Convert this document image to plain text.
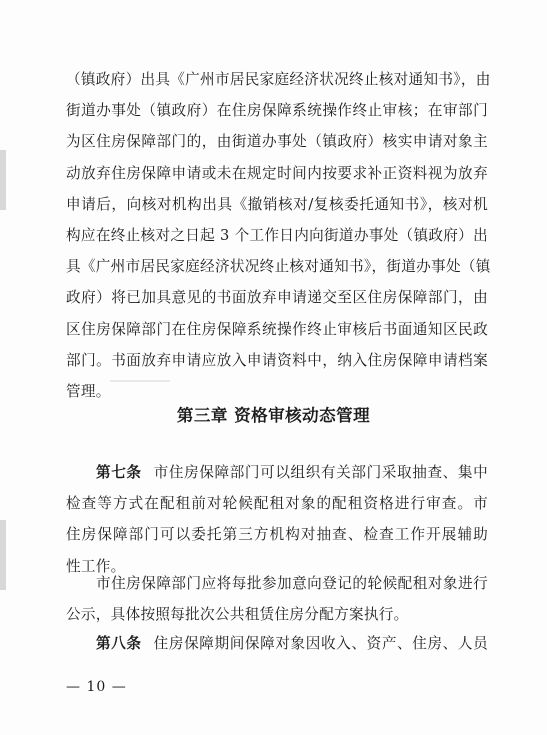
（镇政府）出具《广州市居民家庭经济状况终止核对通知书》，由
街道办事处（镇政府）在住房保障系统操作终止审核；在审部门
为区住房保障部门的，由街道办事处（镇政府）核实申请对象主
动放弃住房保障申请或未在规定时间内按要求补正资料视为放弃
申请后，向核对机构出具《撤销核对/复核委托通知书》，核对机
构应在终止核对之日起 3 个工作日内向街道办事处（镇政府）出
具《广州市居民家庭经济状况终止核对通知书》，街道办事处（镇
政府）将已加具意见的书面放弃申请递交至区住房保障部门，由
区住房保障部门在住房保障系统操作终止审核后书面通知区民政
部门。书面放弃申请应放入申请资料中，纳入住房保障申请档案
管理。
第三章 资格审核动态管理
第七条 市住房保障部门可以组织有关部门采取抽查、集中
检查等方式在配租前对轮候配租对象的配租资格进行审查。市
住房保障部门可以委托第三方机构对抽查、检查工作开展辅助
性工作。
市住房保障部门应将每批参加意向登记的轮候配租对象进行
公示，具体按照每批次公共租赁住房分配方案执行。
第八条 住房保障期间保障对象因收入、资产、住房、人员

— 10 —
